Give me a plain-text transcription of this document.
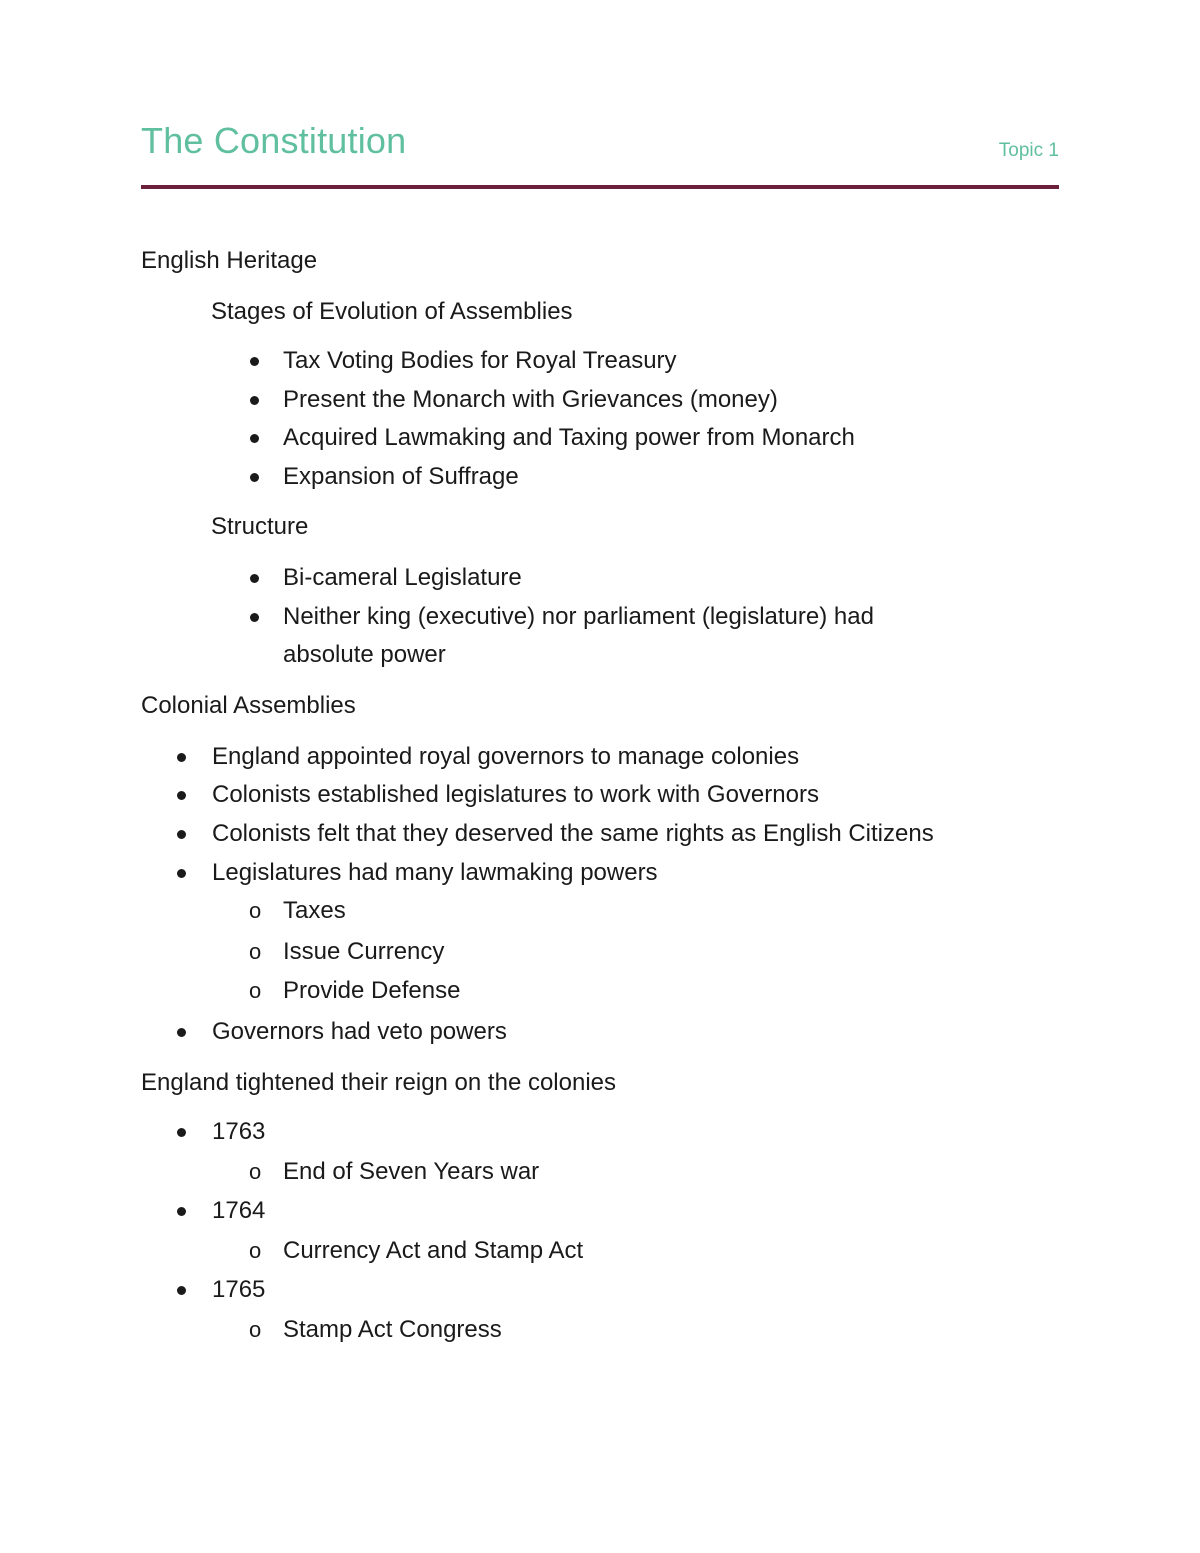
The Constitution	Topic 1
English Heritage
Stages of Evolution of Assemblies
Tax Voting Bodies for Royal Treasury
Present the Monarch with Grievances (money)
Acquired Lawmaking and Taxing power from Monarch
Expansion of Suffrage
Structure
Bi-cameral Legislature
Neither king (executive) nor parliament (legislature) had
absolute power
Colonial Assemblies
England appointed royal governors to manage colonies
Colonists established legislatures to work with Governors
Colonists felt that they deserved the same rights as English Citizens
Legislatures had many lawmaking powers
o Taxes
o Issue Currency
o Provide Defense
Governors had veto powers
England tightened their reign on the colonies
1763
o End of Seven Years war
1764
o Currency Act and Stamp Act
1765
o Stamp Act Congress
